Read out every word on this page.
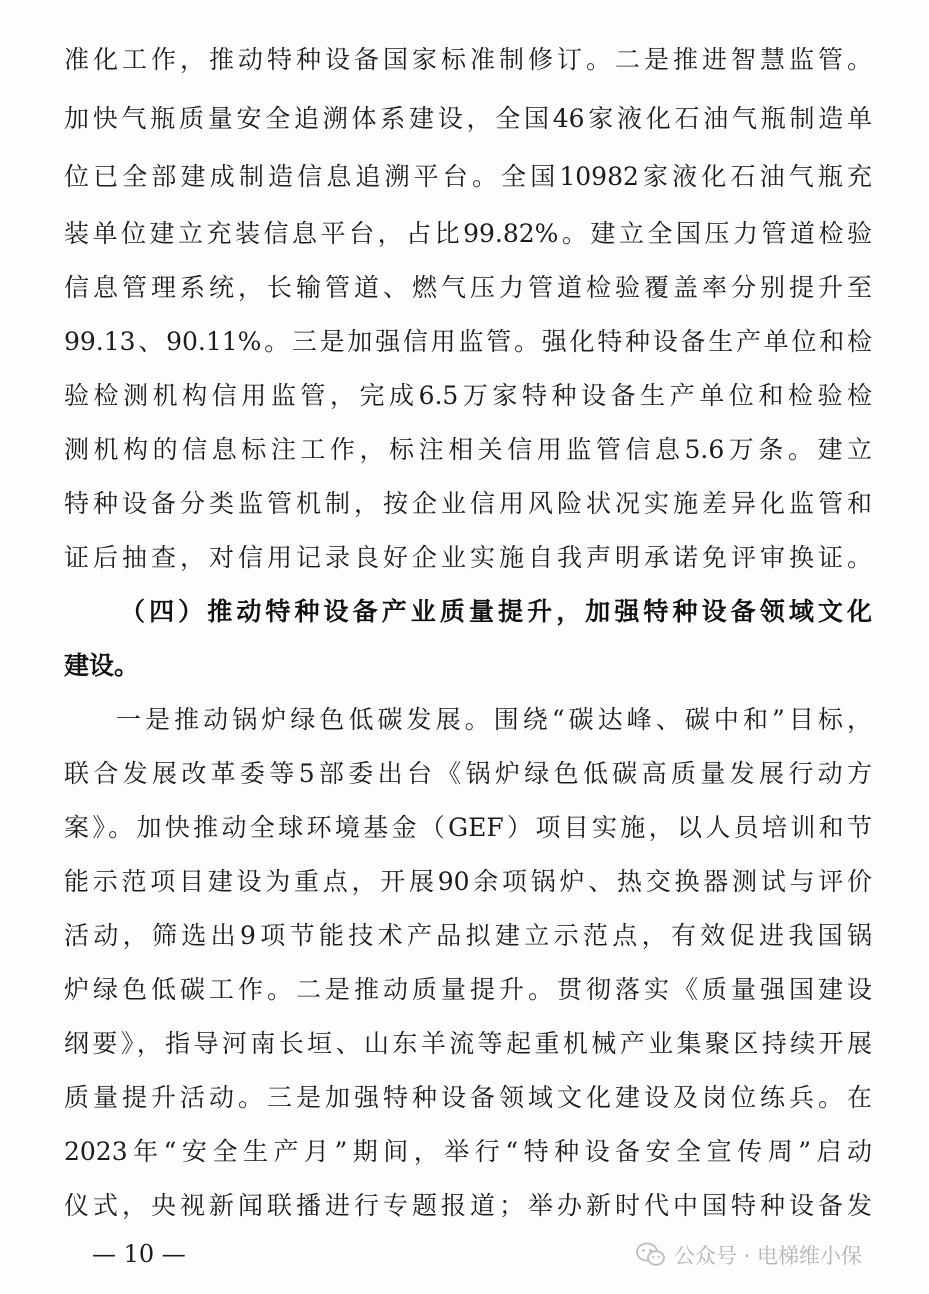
准化工作，推动特种设备国家标准制修订。二是推进智慧监管。
加快气瓶质量安全追溯体系建设，全国46家液化石油气瓶制造单
位已全部建成制造信息追溯平台。全国10982家液化石油气瓶充
装单位建立充装信息平台，占比99.82%。建立全国压力管道检验
信息管理系统，长输管道、燃气压力管道检验覆盖率分别提升至
99.13、90.11%。三是加强信用监管。强化特种设备生产单位和检
验检测机构信用监管，完成6.5万家特种设备生产单位和检验检
测机构的信息标注工作，标注相关信用监管信息5.6万条。建立
特种设备分类监管机制，按企业信用风险状况实施差异化监管和
证后抽查，对信用记录良好企业实施自我声明承诺免评审换证。
（四）推动特种设备产业质量提升，加强特种设备领域文化
建设。
一是推动锅炉绿色低碳发展。围绕“碳达峰、碳中和”目标，
联合发展改革委等5部委出台《锅炉绿色低碳高质量发展行动方
案》。加快推动全球环境基金（GEF）项目实施，以人员培训和节
能示范项目建设为重点，开展90余项锅炉、热交换器测试与评价
活动，筛选出9项节能技术产品拟建立示范点，有效促进我国锅
炉绿色低碳工作。二是推动质量提升。贯彻落实《质量强国建设
纲要》，指导河南长垣、山东羊流等起重机械产业集聚区持续开展
质量提升活动。三是加强特种设备领域文化建设及岗位练兵。在
2023年“安全生产月”期间，举行“特种设备安全宣传周”启动
仪式，央视新闻联播进行专题报道；举办新时代中国特种设备发
— 10 —	公众号 · 电梯维小保
